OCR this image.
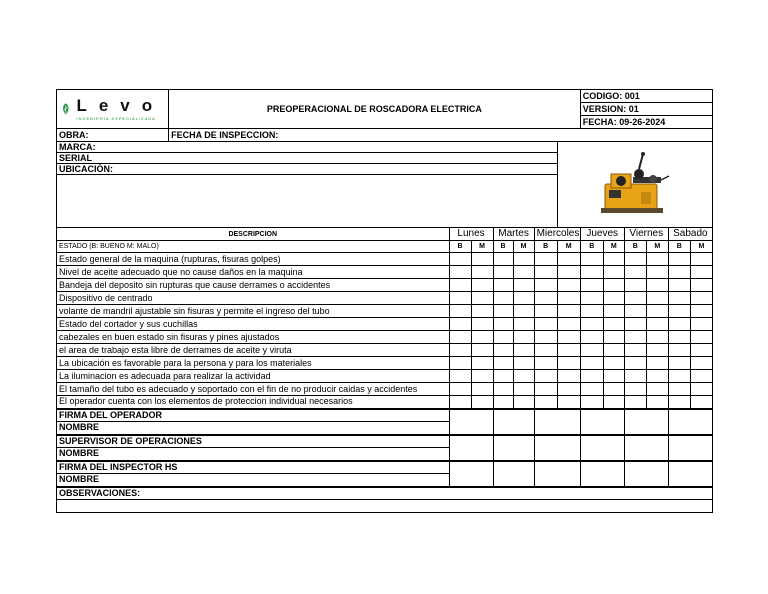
Levo
INGENIERIA ESPECIALIZADA	PREOPERACIONAL DE ROSCADORA ELECTRICA							CODIGO: 001					
								VERSION: 01					
								FECHA: 09-26-2024					
OBRA:	FECHA DE INSPECCION:												
MARCA:	

SERIAL													
UBICACIÓN:													

DESCRIPCION		Lunes		Martes		Miercoles		Jueves		Viernes		Sabado	
ESTADO (B: BUENO M: MALO)		B	M	B	M	B	M	B	M	B	M	B	M
Estado general de la maquina (rupturas, fisuras golpes)													
Nivel de aceite adecuado que no cause daños en la maquina													
Bandeja del deposito sin rupturas que cause derrames o accidentes													
Dispositivo de centrado													
volante de mandril ajustable sin fisuras y permite el ingreso del tubo													
Estado del cortador y sus cuchillas													
cabezales en buen estado sin fisuras y pines ajustados													
el area de trabajo esta libre de derrames de aceite y viruta													
La ubicación es favorable para la persona y para los materiales													
La iluminacion es adecuada para realizar la actividad													
El tamaño del tubo es adecuado y soportado con el fin de no producir caidas y accidentes													
El operador cuenta con los elementos de proteccion individual necesarios													
FIRMA DEL OPERADOR													
NOMBRE													
SUPERVISOR DE OPERACIONES													
NOMBRE													
FIRMA DEL INSPECTOR HS													
NOMBRE													
OBSERVACIONES:													
